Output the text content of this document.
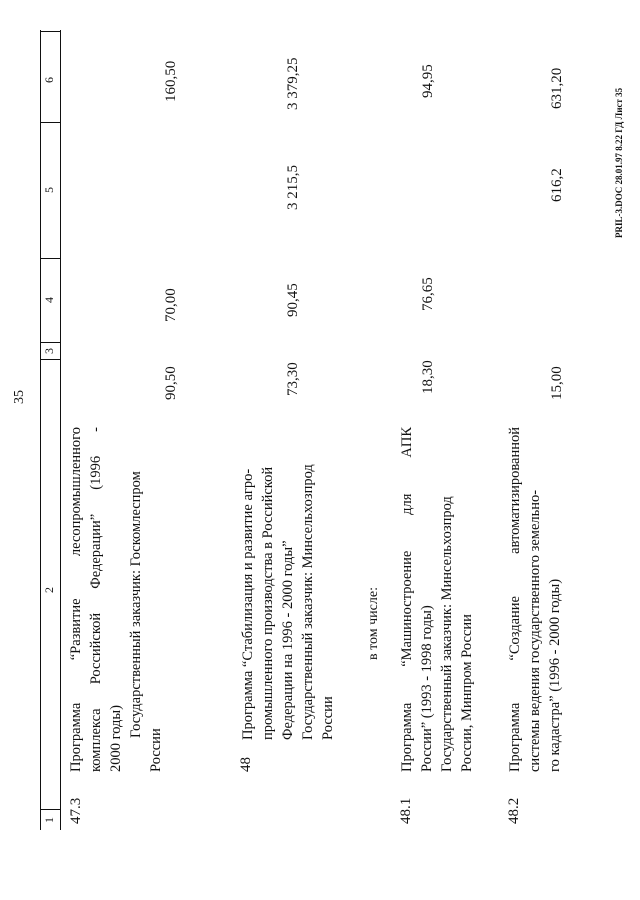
35
1
2
3
4
5
6
47.3
Программа “Развитие лесопромышленного комплекса Российской Федерации” (1996 - 2000 годы)
Государственный заказчик: Госкомлеспром
России
90,50
70,00
160,50
48
Программа “Стабилизация и развитие агро- промышленного производства в Российской Федерации на 1996 - 2000 годы” Государственный заказчик: Минсельхозпрод России
73,30
90,45
3 215,5
3 379,25
в том числе:
48.1
Программа “Машиностроение для АПК России” (1993 - 1998 годы) Государственный заказчик: Минсельхозпрод России, Минпром России
18,30
76,65
94,95
48.2
Программа “Создание автоматизированной системы ведения государственного земельно- го кадастра” (1996 - 2000 годы)
15,00
616,2
631,20	PRIL-3.DOC 28.01.97 8.22 ГД Лист 35
